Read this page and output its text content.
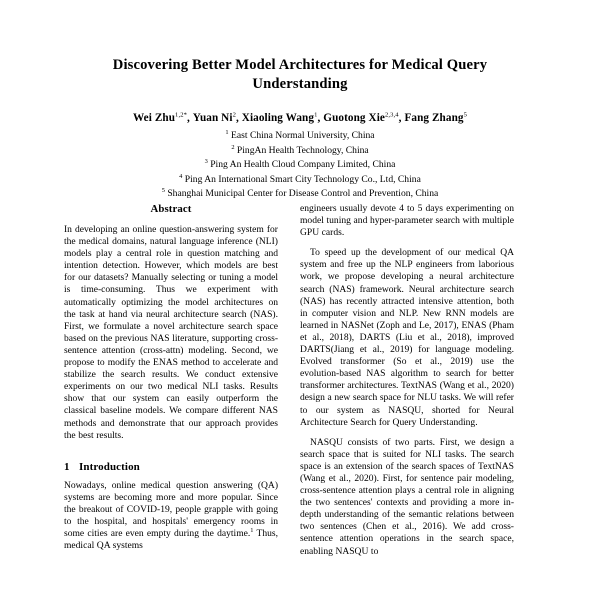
Discovering Better Model Architectures for Medical Query Understanding
Wei Zhu$^{1,2*}$, Yuan Ni$^2$, Xiaoling Wang$^1$, Guotong Xie$^{2,3,4}$, Fang Zhang$^5$
$^1$ East China Normal University, China
$^2$ PingAn Health Technology, China
$^3$ Ping An Health Cloud Company Limited, China
$^4$ Ping An International Smart City Technology Co., Ltd, China
$^5$ Shanghai Municipal Center for Disease Control and Prevention, China
Abstract

In developing an online question-answering system for the medical domains, natural language inference (NLI) models play a central role in question matching and intention detection. However, which models are best for our datasets? Manually selecting or tuning a model is time-consuming. Thus we experiment with automatically optimizing the model architectures on the task at hand via neural architecture search (NAS). First, we formulate a novel architecture search space based on the previous NAS literature, supporting cross-sentence attention (cross-attn) modeling. Second, we propose to modify the ENAS method to accelerate and stabilize the search results. We conduct extensive experiments on our two medical NLI tasks. Results show that our system can easily outperform the classical baseline models. We compare different NAS methods and demonstrate that our approach provides the best results.

1 Introduction

Nowadays, online medical question answering (QA) systems are becoming more and more popular. Since the breakout of COVID-19, people grapple with going to the hospital, and hospitals' emergency rooms in some cities are even empty during the daytime.$^1$ Thus, medical QA systems

engineers usually devote 4 to 5 days experimenting on model tuning and hyper-parameter search with multiple GPU cards.

To speed up the development of our medical QA system and free up the NLP engineers from laborious work, we propose developing a neural architecture search (NAS) framework. Neural architecture search (NAS) has recently attracted intensive attention, both in computer vision and NLP. New RNN models are learned in NASNet (Zoph and Le, 2017), ENAS (Pham et al., 2018), DARTS (Liu et al., 2018), improved DARTS(Jiang et al., 2019) for language modeling. Evolved transformer (So et al., 2019) use the evolution-based NAS algorithm to search for better transformer architectures. TextNAS (Wang et al., 2020) design a new search space for NLU tasks. We will refer to our system as NASQU, shorted for Neural Architecture Search for Query Understanding.

NASQU consists of two parts. First, we design a search space that is suited for NLI tasks. The search space is an extension of the search spaces of TextNAS (Wang et al., 2020). First, for sentence pair modeling, cross-sentence attention plays a central role in aligning the two sentences' contexts and providing a more in-depth understanding of the semantic relations between two sentences (Chen et al., 2016). We add cross-sentence attention operations in the search space, enabling NASQU to
